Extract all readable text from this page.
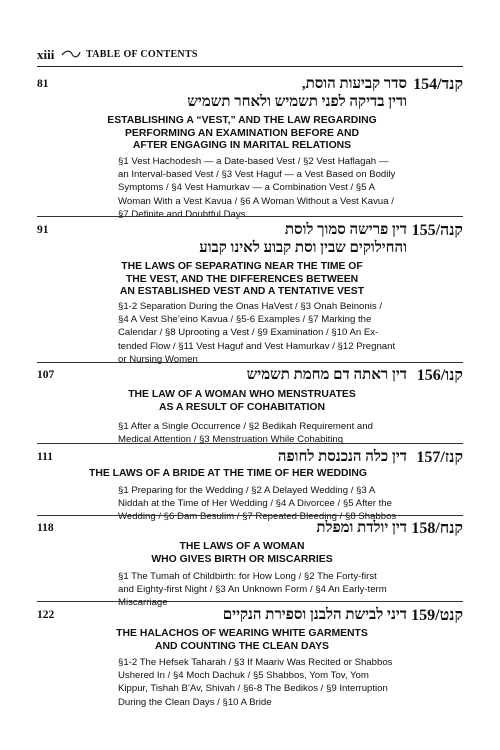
xiii	TABLE OF CONTENTS
81	קנד/154
סדר קביעות הוסת,
ודין בדיקה לפני תשמיש ולאחר תשמיש
ESTABLISHING A “VEST,” AND THE LAW REGARDING
PERFORMING AN EXAMINATION BEFORE AND
AFTER ENGAGING IN MARITAL RELATIONS
§1 Vest Hachodesh — a Date-based Vest / §2 Vest Haflagah —
an Interval-based Vest / §3 Vest Haguf — a Vest Based on Bodily
Symptoms / §4 Vest Hamurkav — a Combination Vest / §5 A
Woman With a Vest Kavua / §6 A Woman Without a Vest Kavua /
§7 Definite and Doubtful Days
91	קנה/155
דין פרישה סמוך לוסת
והחילוקים שבין וסת קבוע לאינו קבוע
THE LAWS OF SEPARATING NEAR THE TIME OF
THE VEST, AND THE DIFFERENCES BETWEEN
AN ESTABLISHED VEST AND A TENTATIVE VEST
§1-2 Separation During the Onas HaVest / §3 Onah Beinonis /
§4 A Vest She’eino Kavua / §5-6 Examples / §7 Marking the
Calendar / §8 Uprooting a Vest / §9 Examination / §10 An Ex-
tended Flow / §11 Vest Haguf and Vest Hamurkav / §12 Pregnant
or Nursing Women
107	קנו/156
דין ראתה דם מחמת תשמיש
THE LAW OF A WOMAN WHO MENSTRUATES
AS A RESULT OF COHABITATION
§1 After a Single Occurrence / §2 Bedikah Requirement and
Medical Attention / §3 Menstruation While Cohabiting
111	קנז/157
דין כלה הנכנסת לחופה
THE LAWS OF A BRIDE AT THE TIME OF HER WEDDING
§1 Preparing for the Wedding / §2 A Delayed Wedding / §3 A
Niddah at the Time of Her Wedding / §4 A Divorcee / §5 After the
Wedding / §6 Dam Besulim / §7 Repeated Bleeding / §8 Shabbos
118	קנח/158
דין יולדת ומפלת
THE LAWS OF A WOMAN
WHO GIVES BIRTH OR MISCARRIES
§1 The Tumah of Childbirth: for How Long / §2 The Forty-first
and Eighty-first Night / §3 An Unknown Form / §4 An Early-term
Miscarriage
122	קנט/159
דיני לבישת הלבנן וספירת הנקיים
THE HALACHOS OF WEARING WHITE GARMENTS
AND COUNTING THE CLEAN DAYS
§1-2 The Hefsek Taharah / §3 If Maariv Was Recited or Shabbos
Ushered In / §4 Moch Dachuk / §5 Shabbos, Yom Tov, Yom
Kippur, Tishah B’Av, Shivah / §6-8 The Bedikos / §9 Interruption
During the Clean Days / §10 A Bride
